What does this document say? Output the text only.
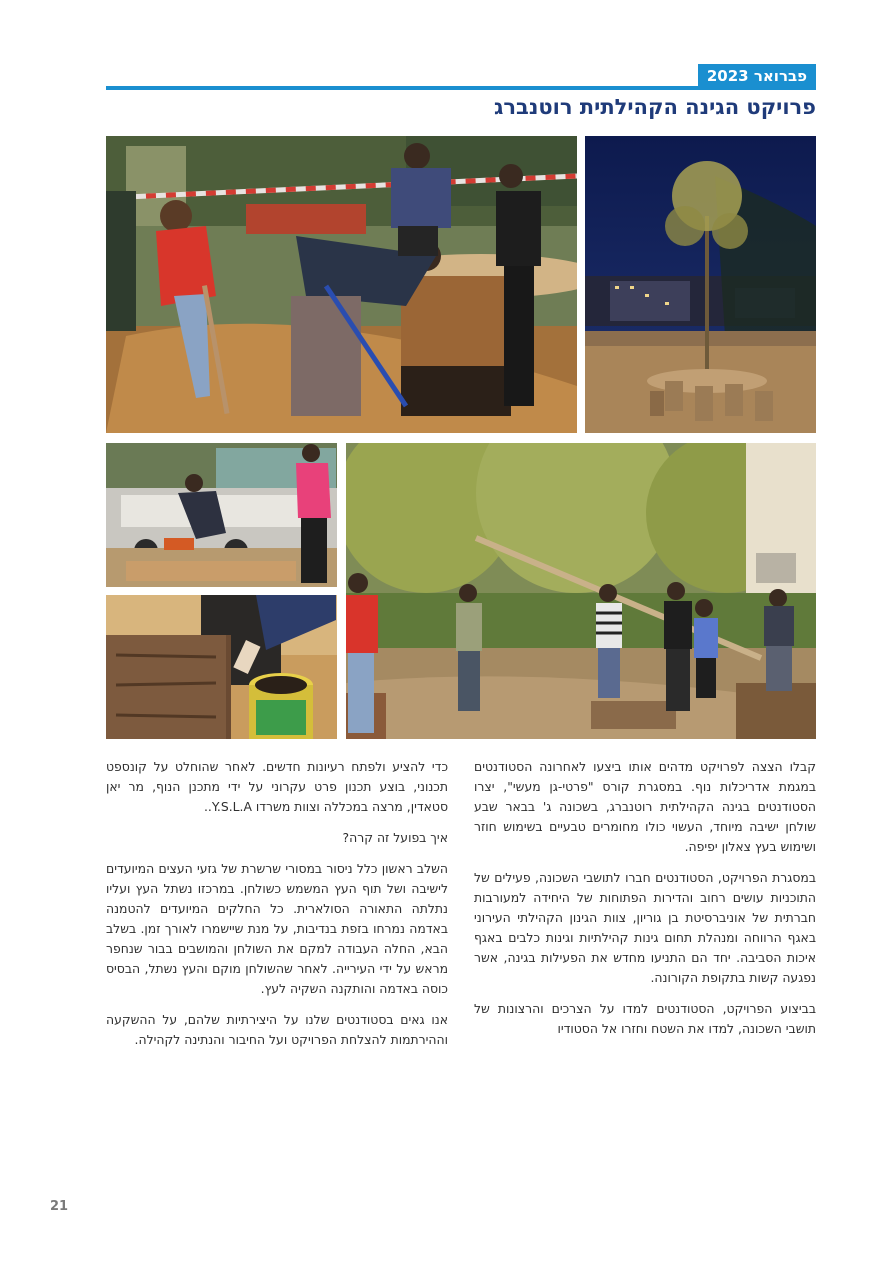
פברואר 2023
פרויקט הגינה הקהילתית רוטנברג

קבלו הצצה לפרויקט מדהים אותו ביצעו לאחרונה הסטודנטים במגמת אדריכלות נוף. במסגרת קורס "פרטי-גן מעשי", יצרו הסטודנטים בגינה הקהילתית רוטנברג, בשכונה ג' בבאר שבע שולחן ישיבה מיוחד, העשוי כולו מחומרים טבעיים בשימוש חוזר ושימוש בעץ צאלון יפיפה.

במסגרת הפרויקט, הסטודנטים חברו לתושבי השכונה, פעילים של התוכניות עושים רחוב והדירות הפתוחות של היחידה למעורבות חברתית של אוניברסיטת בן גוריון, צוות הגינון הקהילתי העירוני באגף הרווחה ומנהלת תחום גינות קהילתיות וגינות כלבים באגף איכות הסביבה. יחד הם התניעו מחדש את הפעילות בגינה, אשר נפגעה קשות בתקופת הקורונה.

בביצוע הפרויקט, הסטודנטים למדו על הצרכים והרצונות של תושבי השכונה, למדו את השטח וחזרו אל הסטודיו

כדי להציע ולפתח רעיונות חדשים. לאחר שהוחלט על קונספט תכנוני, בוצע תכנון פרט עקרוני על ידי מתכנן הנוף, מר יאן סטאדין, מרצה במכללה וצוות משרדו Y.S.L.A..

איך בפועל זה קרה?

השלב ראשון כלל ניסור במסורי שרשרת של גזעי העצים המיועדים לישיבה ושל תוף העץ המשמש כשולחן. במרכזו נשתל העץ ועליו נתלתה התאורה הסולארית. כל החלקים המיועדים להטמנה באדמה נמרחו בזפת בנדיבות, על מנת שיישמרו לאורך זמן. בשלב הבא, החלה העבודה למקם את השולחן והמושבים בבור שנחפר מראש על ידי העירייה. לאחר שהשולחן מוקם והעץ נשתל, הבסיס כוסה באדמה והותקנה השקיה לעץ.

אנו גאים בסטודנטים שלנו על היצירתיות שלהם, על ההשקעה וההירתמות להצלחת הפרויקט ועל החיבור והנתינה לקהילה.

21
